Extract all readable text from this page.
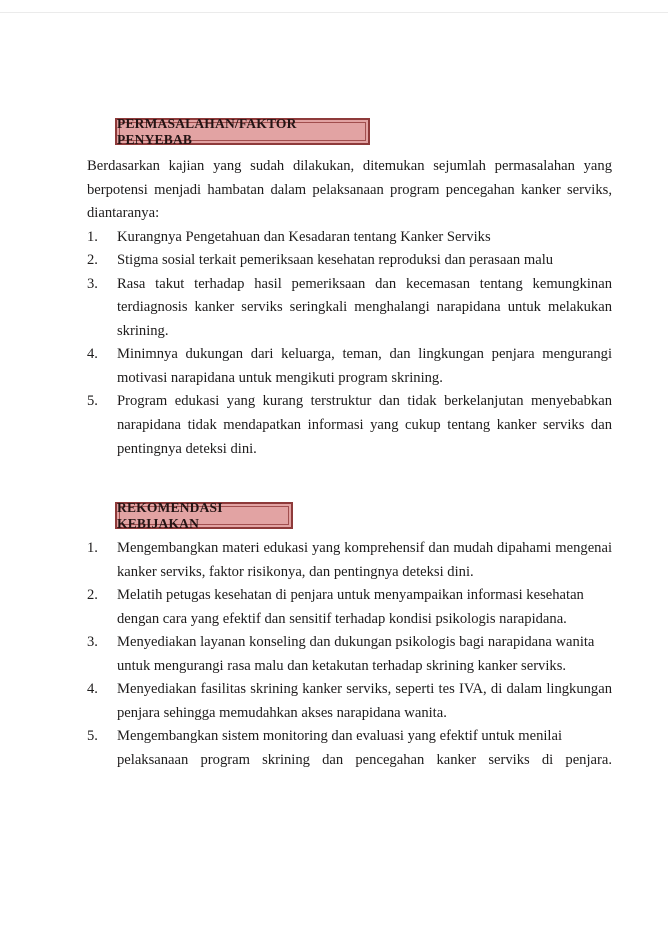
PERMASALAHAN/FAKTOR PENYEBAB
Berdasarkan kajian yang sudah dilakukan, ditemukan sejumlah permasalahan yang
berpotensi menjadi hambatan dalam pelaksanaan program pencegahan kanker serviks,
diantaranya:
1. Kurangnya Pengetahuan dan Kesadaran tentang Kanker Serviks
2. Stigma sosial terkait pemeriksaan kesehatan reproduksi dan perasaan malu
3. Rasa takut terhadap hasil pemeriksaan dan kecemasan tentang kemungkinan
terdiagnosis kanker serviks seringkali menghalangi narapidana untuk melakukan
skrining.
4. Minimnya dukungan dari keluarga, teman, dan lingkungan penjara mengurangi
motivasi narapidana untuk mengikuti program skrining.
5. Program edukasi yang kurang terstruktur dan tidak berkelanjutan menyebabkan
narapidana tidak mendapatkan informasi yang cukup tentang kanker serviks dan
pentingnya deteksi dini.
REKOMENDASI KEBIJAKAN
1. Mengembangkan materi edukasi yang komprehensif dan mudah dipahami mengenai
kanker serviks, faktor risikonya, dan pentingnya deteksi dini.
2. Melatih petugas kesehatan di penjara untuk menyampaikan informasi kesehatan
dengan cara yang efektif dan sensitif terhadap kondisi psikologis narapidana.
3. Menyediakan layanan konseling dan dukungan psikologis bagi narapidana wanita
untuk mengurangi rasa malu dan ketakutan terhadap skrining kanker serviks.
4. Menyediakan fasilitas skrining kanker serviks, seperti tes IVA, di dalam lingkungan
penjara sehingga memudahkan akses narapidana wanita.
5. Mengembangkan sistem monitoring dan evaluasi yang efektif untuk menilai
pelaksanaan program skrining dan pencegahan kanker serviks di penjara.
